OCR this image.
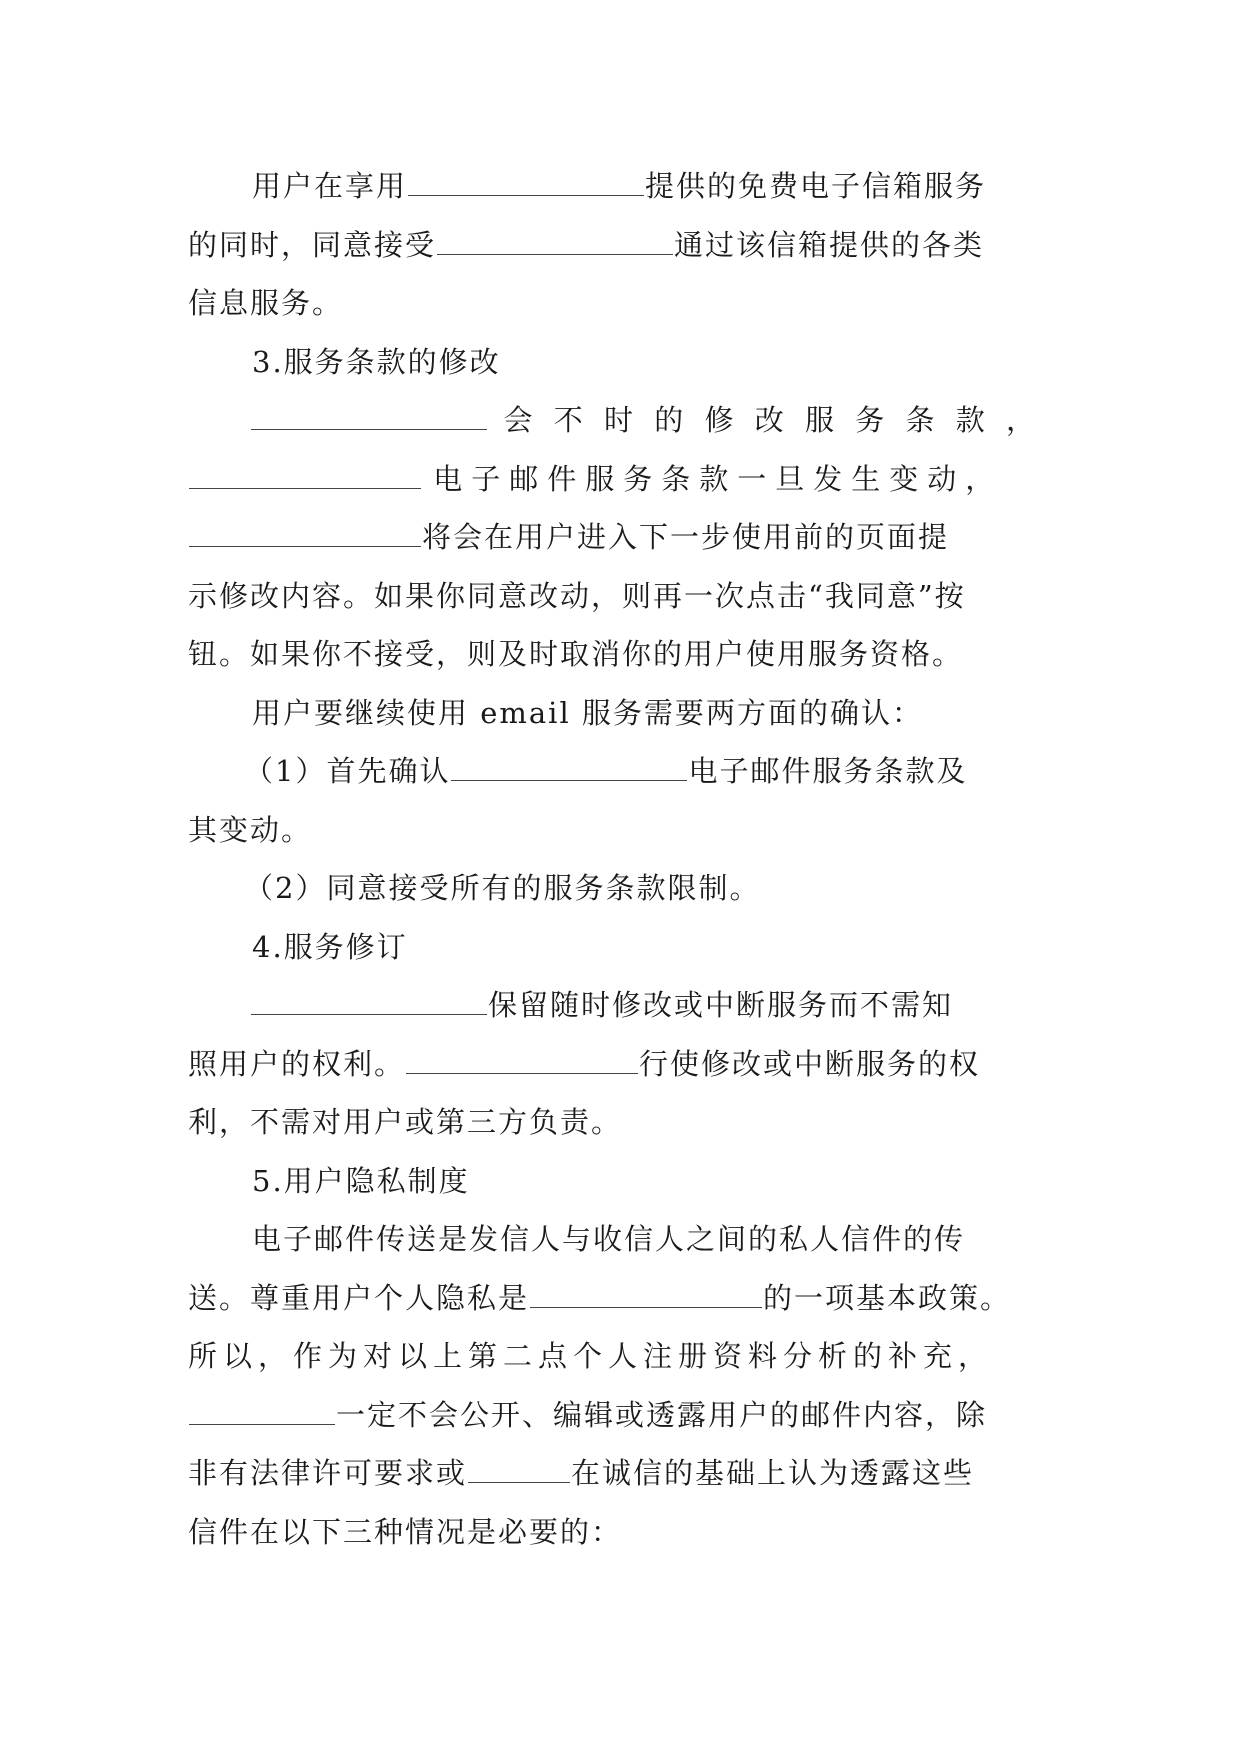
用户在享用	提供的免费电子信箱服务
的同时，同意接受	通过该信箱提供的各类
信息服务。
3.服务条款的修改
会不时的修改服务条款，
电子邮件服务条款一旦发生变动，
将会在用户进入下一步使用前的页面提
示修改内容。如果你同意改动，则再一次点击“我同意”按
钮。如果你不接受，则及时取消你的用户使用服务资格。
用户要继续使用 email 服务需要两方面的确认：
（1）首先确认	电子邮件服务条款及
其变动。
（2）同意接受所有的服务条款限制。
4.服务修订
保留随时修改或中断服务而不需知
照用户的权利。	行使修改或中断服务的权
利，不需对用户或第三方负责。
5.用户隐私制度
电子邮件传送是发信人与收信人之间的私人信件的传
送。尊重用户个人隐私是	的一项基本政策。
所以，作为对以上第二点个人注册资料分析的补充，
一定不会公开、编辑或透露用户的邮件内容，除
非有法律许可要求或	在诚信的基础上认为透露这些
信件在以下三种情况是必要的：
